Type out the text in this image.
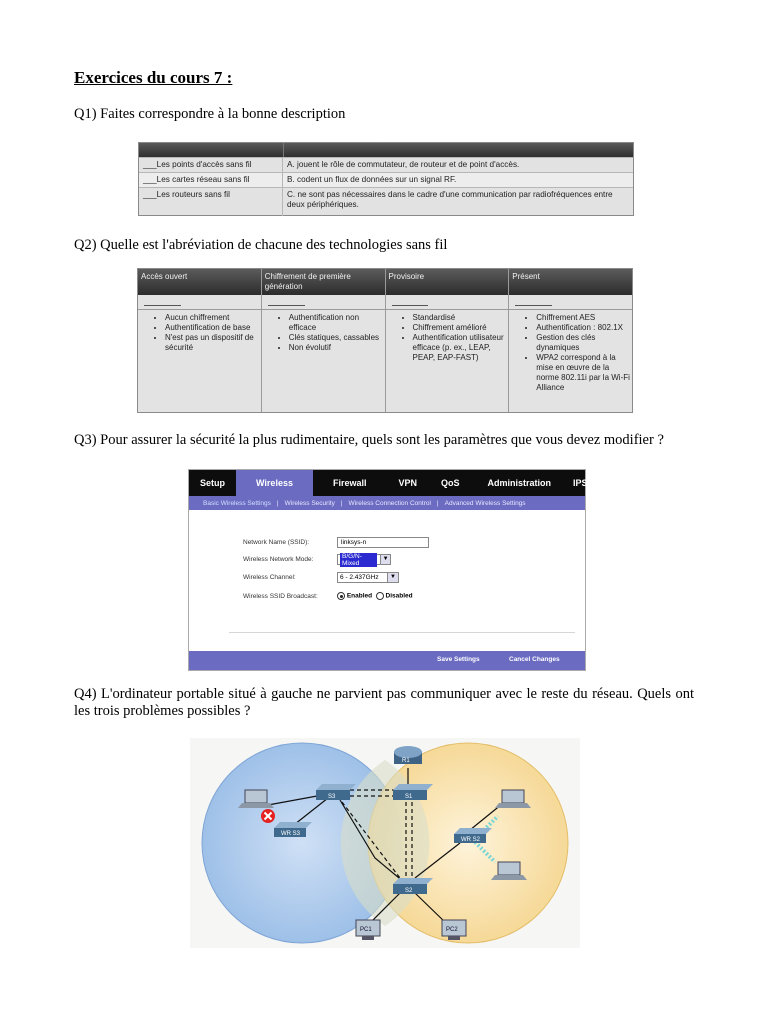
Exercices du cours 7 :
Q1) Faites correspondre à la bonne description
___Les points d'accès sans fil	A. jouent le rôle de commutateur, de routeur et de point d'accès.
___Les cartes réseau sans fil	B. codent un flux de données sur un signal RF.
___Les routeurs sans fil	C. ne sont pas nécessaires dans le cadre d'une communication par radiofréquences entre deux périphériques.
Q2) Quelle est l'abréviation de chacune des technologies sans fil
Accès ouvert
• Aucun chiffrement
• Authentification de base
• N'est pas un dispositif de sécurité
Chiffrement de première génération
• Authentification non efficace
• Clés statiques, cassables
• Non évolutif
Provisoire
• Standardisé
• Chiffrement amélioré
• Authentification utilisateur efficace (p. ex., LEAP, PEAP, EAP-FAST)
Présent
• Chiffrement AES
• Authentification : 802.1X
• Gestion des clés dynamiques
• WPA2 correspond à la mise en œuvre de la norme 802.11i par la Wi-Fi Alliance
Q3) Pour assurer la sécurité la plus rudimentaire, quels sont les paramètres que vous devez modifier ?
Setup	Wireless	Firewall	VPN	QoS	Administration	IPS
Basic Wireless Settings | Wireless Security | Wireless Connection Control | Advanced Wireless Settings
Network Name (SSID):	linksys-n
Wireless Network Mode:	B/G/N-Mixed
▼
Wireless Channel:	6 - 2.437GHz	▼
Wireless SSID Broadcast:	Enabled Disabled
Save Settings	Cancel Changes
Q4) L'ordinateur portable situé à gauche ne parvient pas communiquer avec le reste du réseau. Quels ont les trois problèmes possibles ?
R1
S3	S1
S2
WR S3
WR S2
PC1	PC2
